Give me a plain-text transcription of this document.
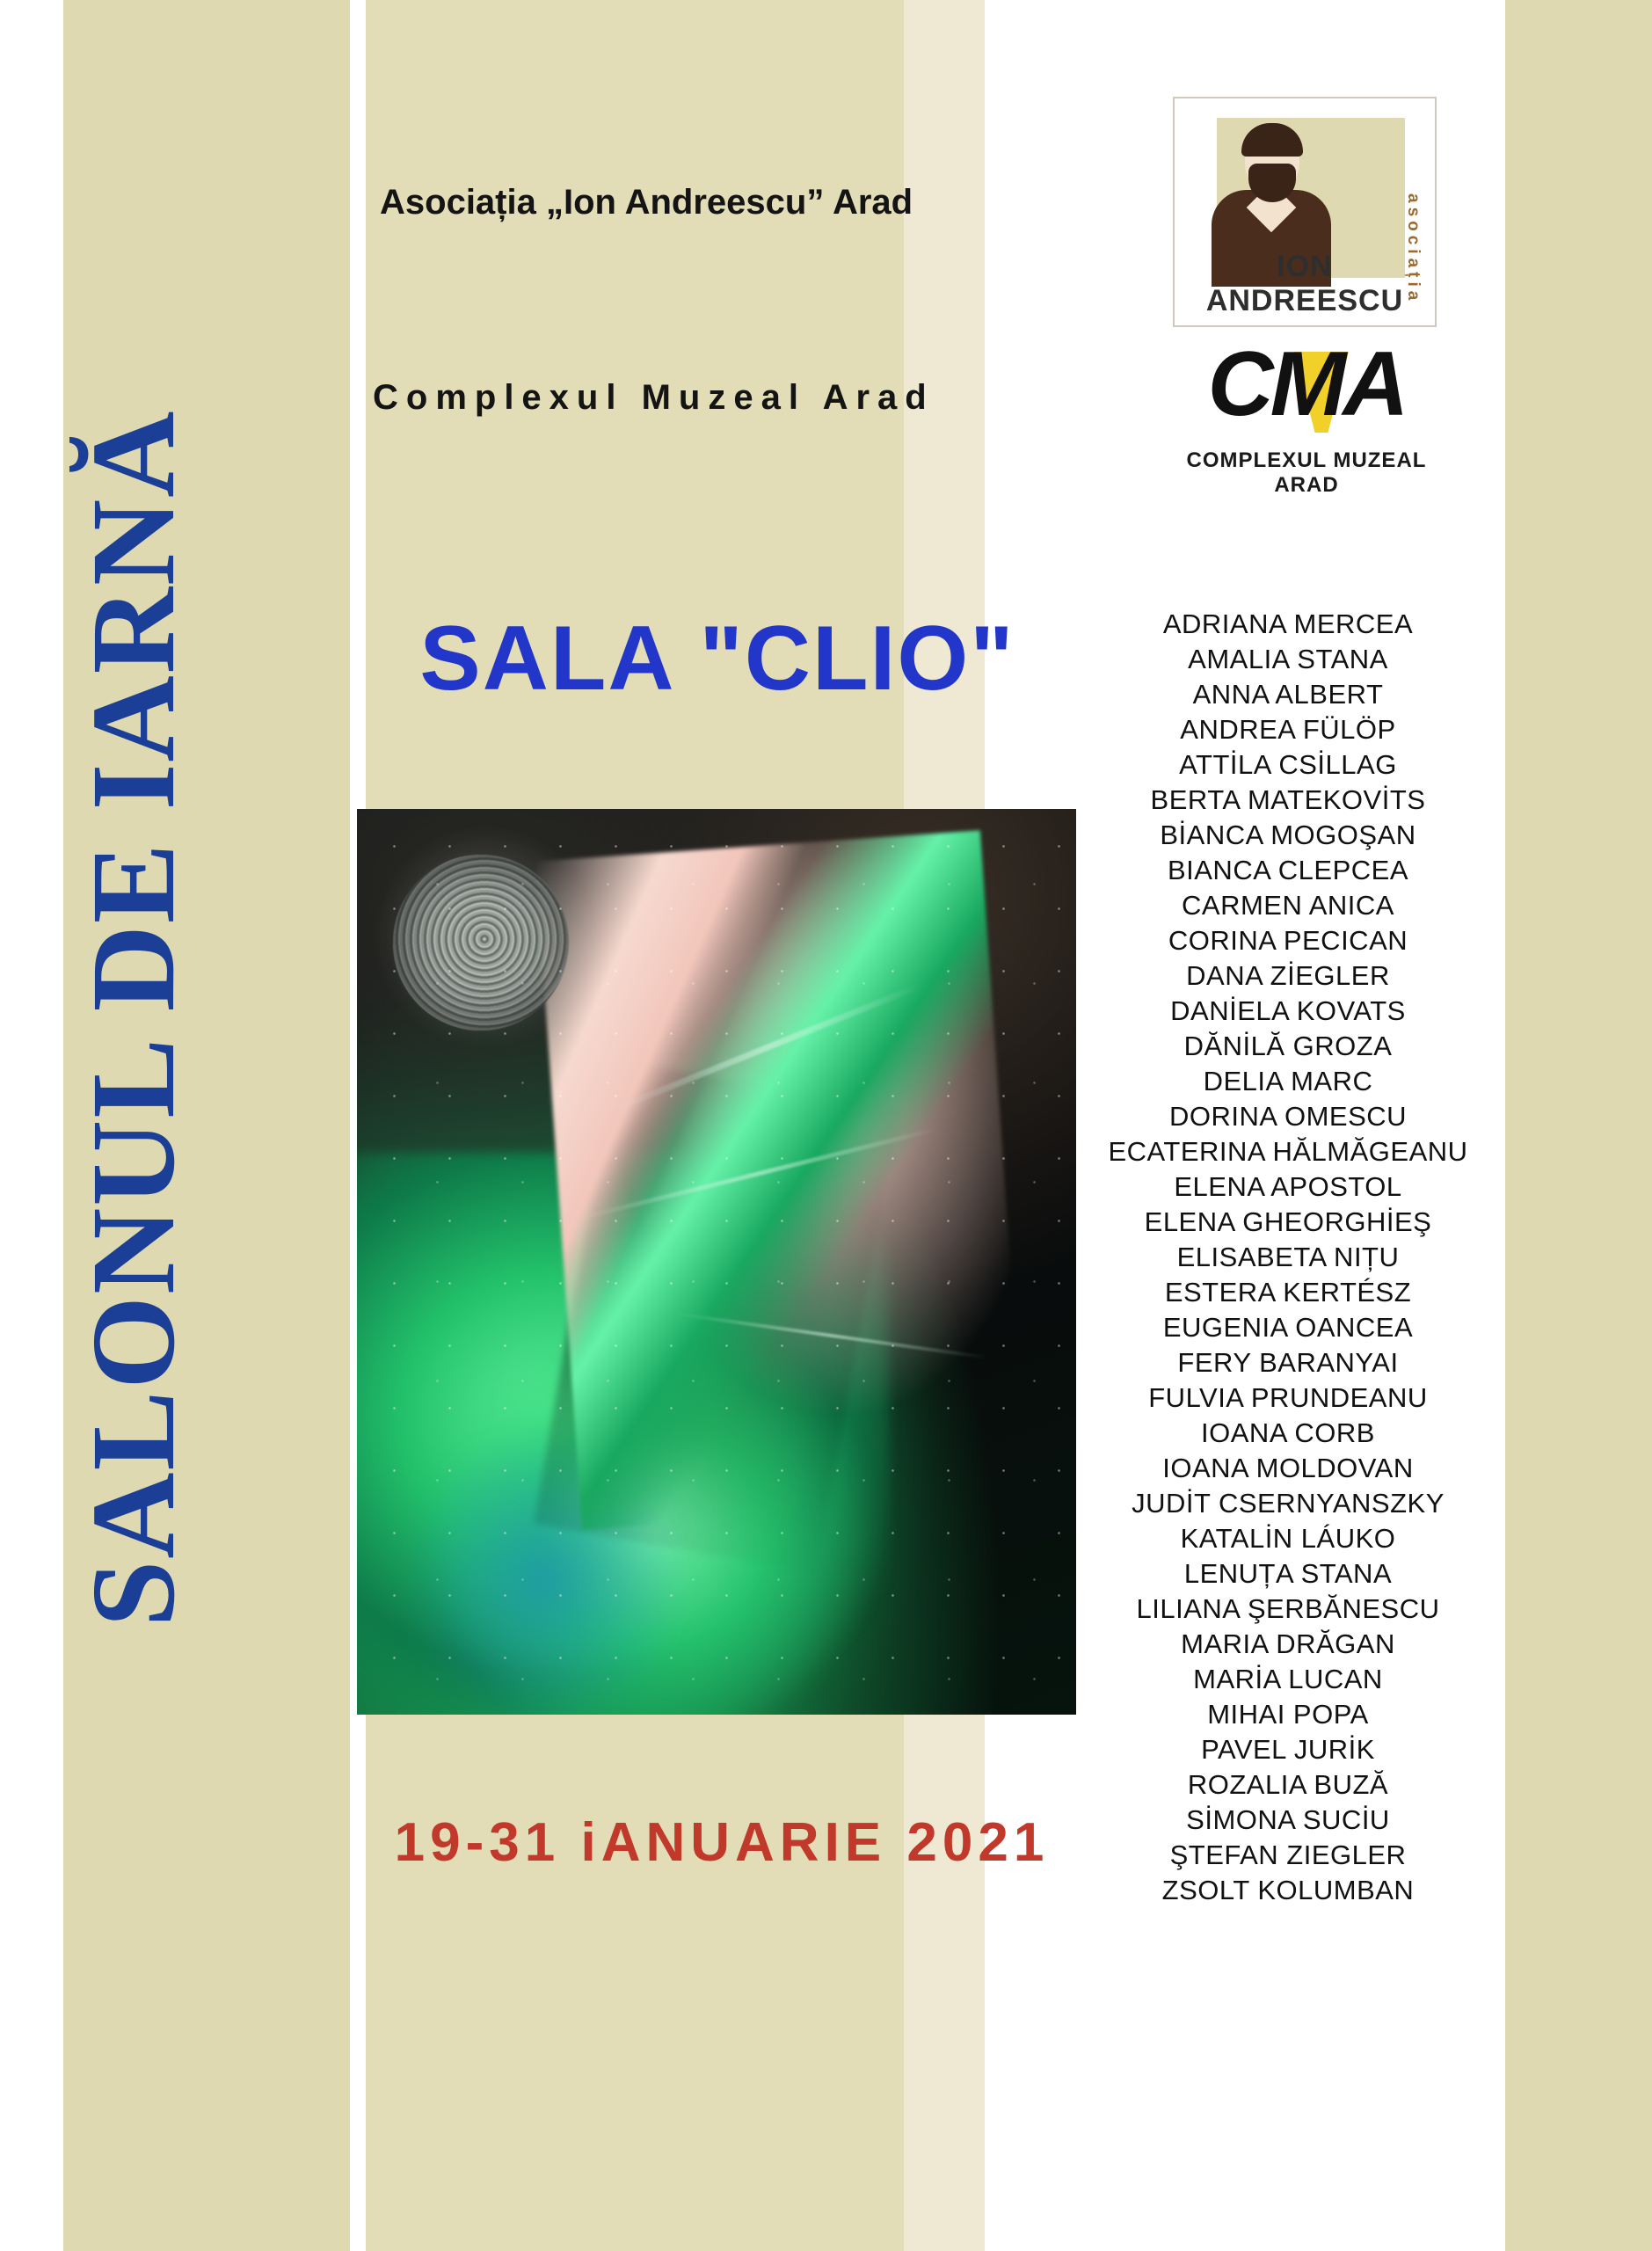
SALONUL DE IARNĂ
Asociația „Ion Andreescu” Arad
Complexul Muzeal Arad
asociația
ION ANDREESCU
CMA
COMPLEXUL MUZEAL ARAD
SALA "CLIO"
19-31 iANUARIE 2021
ADRIANA MERCEA
AMALIA STANA
ANNA ALBERT
ANDREA FÜLÖP
ATTİLA CSİLLAG
BERTA MATEKOVİTS
BİANCA MOGOŞAN
BIANCA CLEPCEA
CARMEN ANICA
CORINA PECICAN
DANA ZİEGLER
DANİELA KOVATS
DĂNİLĂ GROZA
DELIA MARC
DORINA OMESCU
ECATERINA HĂLMĂGEANU
ELENA APOSTOL
ELENA GHEORGHİEŞ
ELISABETA NIȚU
ESTERA KERTÉSZ
EUGENIA OANCEA
FERY BARANYAI
FULVIA PRUNDEANU
IOANA CORB
IOANA MOLDOVAN
JUDİT CSERNYANSZKY
KATALİN LÁUKO
LENUȚA STANA
LILIANA ŞERBĂNESCU
MARIA DRĂGAN
MARİA LUCAN
MIHAI POPA
PAVEL JURİK
ROZALIA BUZĂ
SİMONA SUCİU
ŞTEFAN ZIEGLER
ZSOLT KOLUMBAN
